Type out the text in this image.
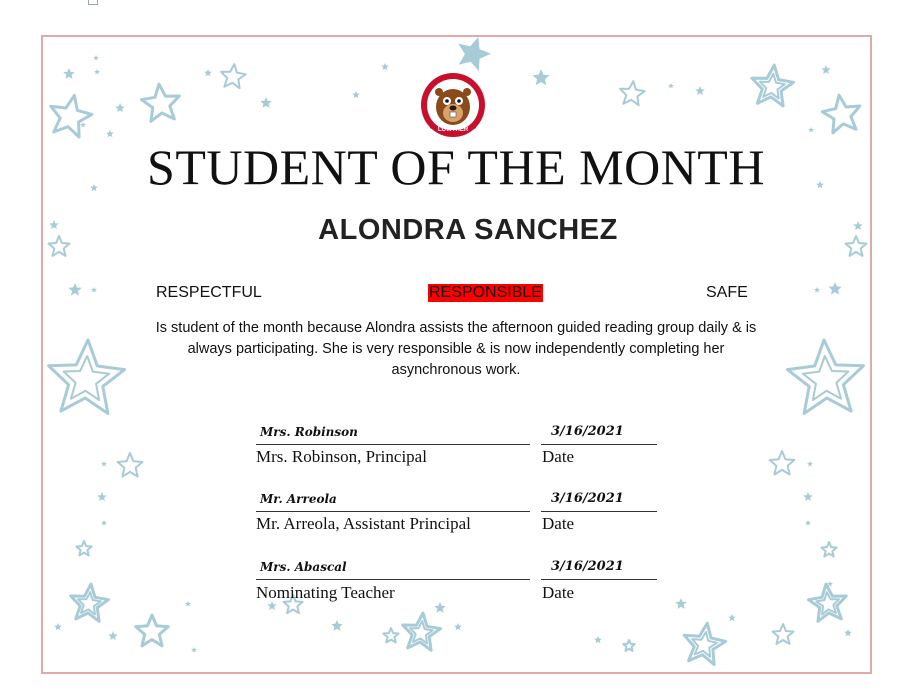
LOWTHER
STUDENT OF THE MONTH
ALONDRA SANCHEZ
RESPECTFUL	RESPONSIBLE	SAFE
Is student of the month because Alondra assists the afternoon guided reading group daily & is always participating. She is very responsible & is now independently completing her asynchronous work.
Mrs. Robinson	3/16/2021
Mrs. Robinson, Principal	Date
Mr. Arreola	3/16/2021
Mr. Arreola, Assistant Principal	Date
Mrs. Abascal	3/16/2021
Nominating Teacher	Date
